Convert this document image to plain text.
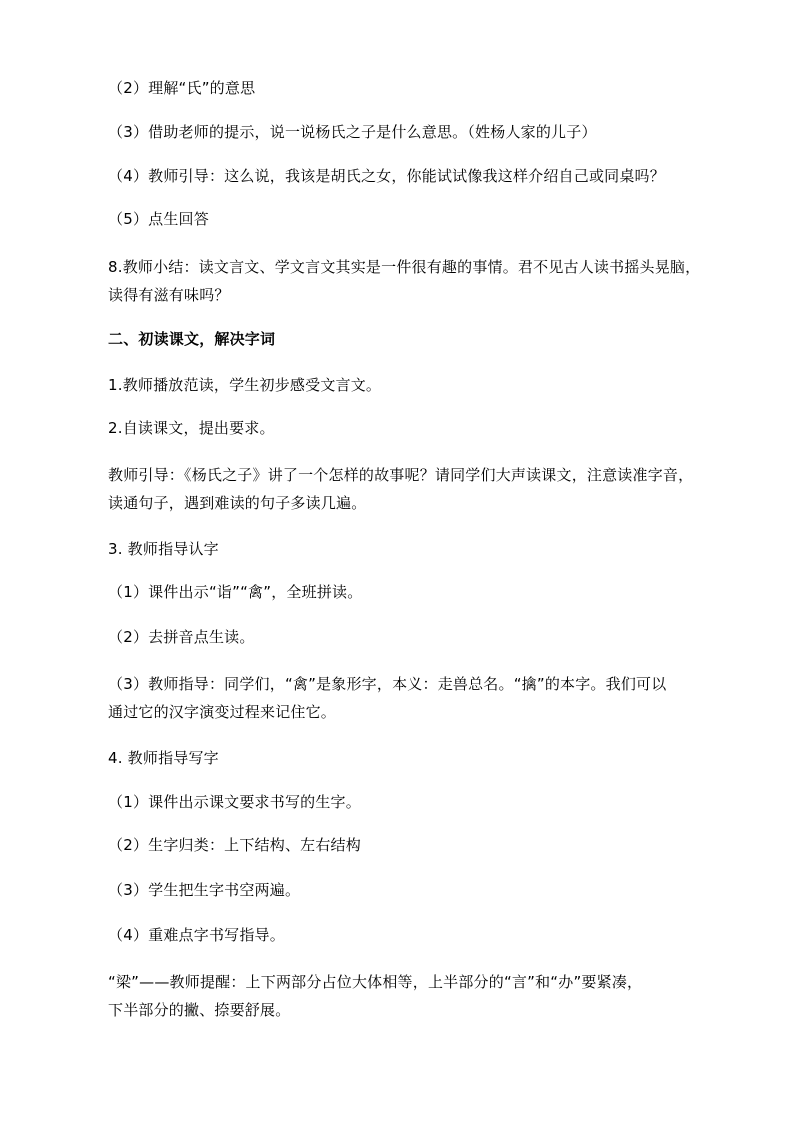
（2）理解“氏”的意思
（3）借助老师的提示，说一说杨氏之子是什么意思。（姓杨人家的儿子）
（4）教师引导：这么说，我该是胡氏之女，你能试试像我这样介绍自己或同桌吗？
（5）点生回答
8.教师小结：读文言文、学文言文其实是一件很有趣的事情。君不见古人读书摇头晃脑，
读得有滋有味吗？
二、初读课文，解决字词
1.教师播放范读，学生初步感受文言文。
2.自读课文，提出要求。
教师引导：《杨氏之子》讲了一个怎样的故事呢？请同学们大声读课文，注意读准字音，
读通句子，遇到难读的句子多读几遍。
3. 教师指导认字
（1）课件出示“诣”“禽”，全班拼读。
（2）去拼音点生读。
（3）教师指导：同学们，“禽”是象形字，本义：走兽总名。“擒”的本字。我们可以
通过它的汉字演变过程来记住它。
4. 教师指导写字
（1）课件出示课文要求书写的生字。
（2）生字归类：上下结构、左右结构
（3）学生把生字书空两遍。
（4）重难点字书写指导。
“梁”——教师提醒：上下两部分占位大体相等，上半部分的“言”和“办”要紧凑，
下半部分的撇、捺要舒展。
